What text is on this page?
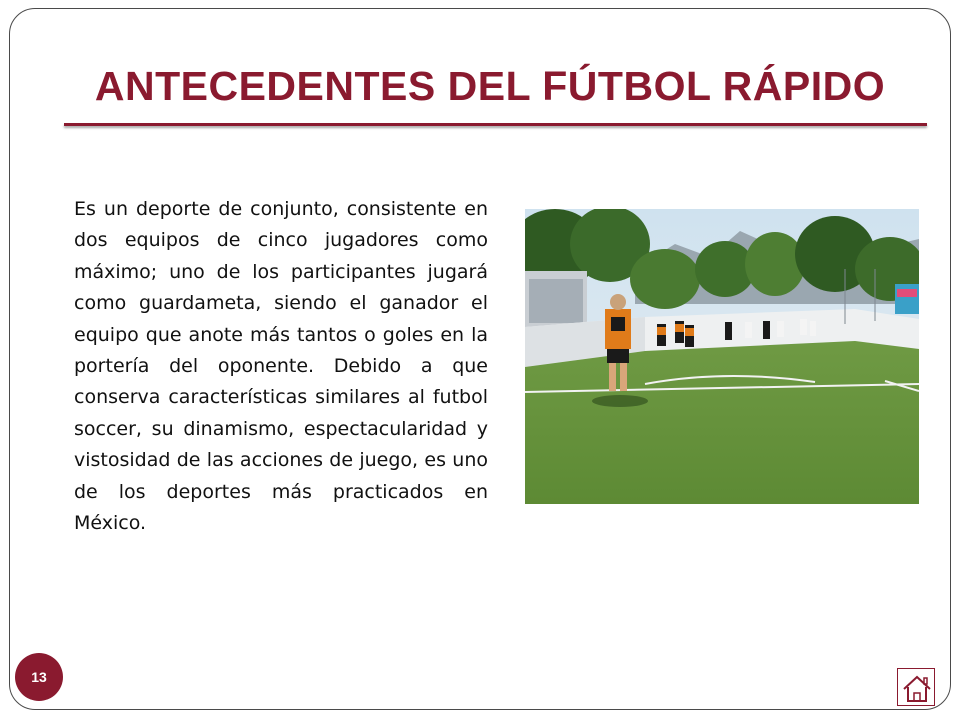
ANTECEDENTES DEL FÚTBOL RÁPIDO

Es un deporte de conjunto, consistente en dos equipos de cinco jugadores como máximo; uno de los participantes jugará como guardameta, siendo el ganador el equipo que anote más tantos o goles en la portería del oponente. Debido a que conserva características similares al futbol soccer, su dinamismo, espectacularidad y vistosidad de las acciones de juego, es uno de los deportes más practicados en México.

13
